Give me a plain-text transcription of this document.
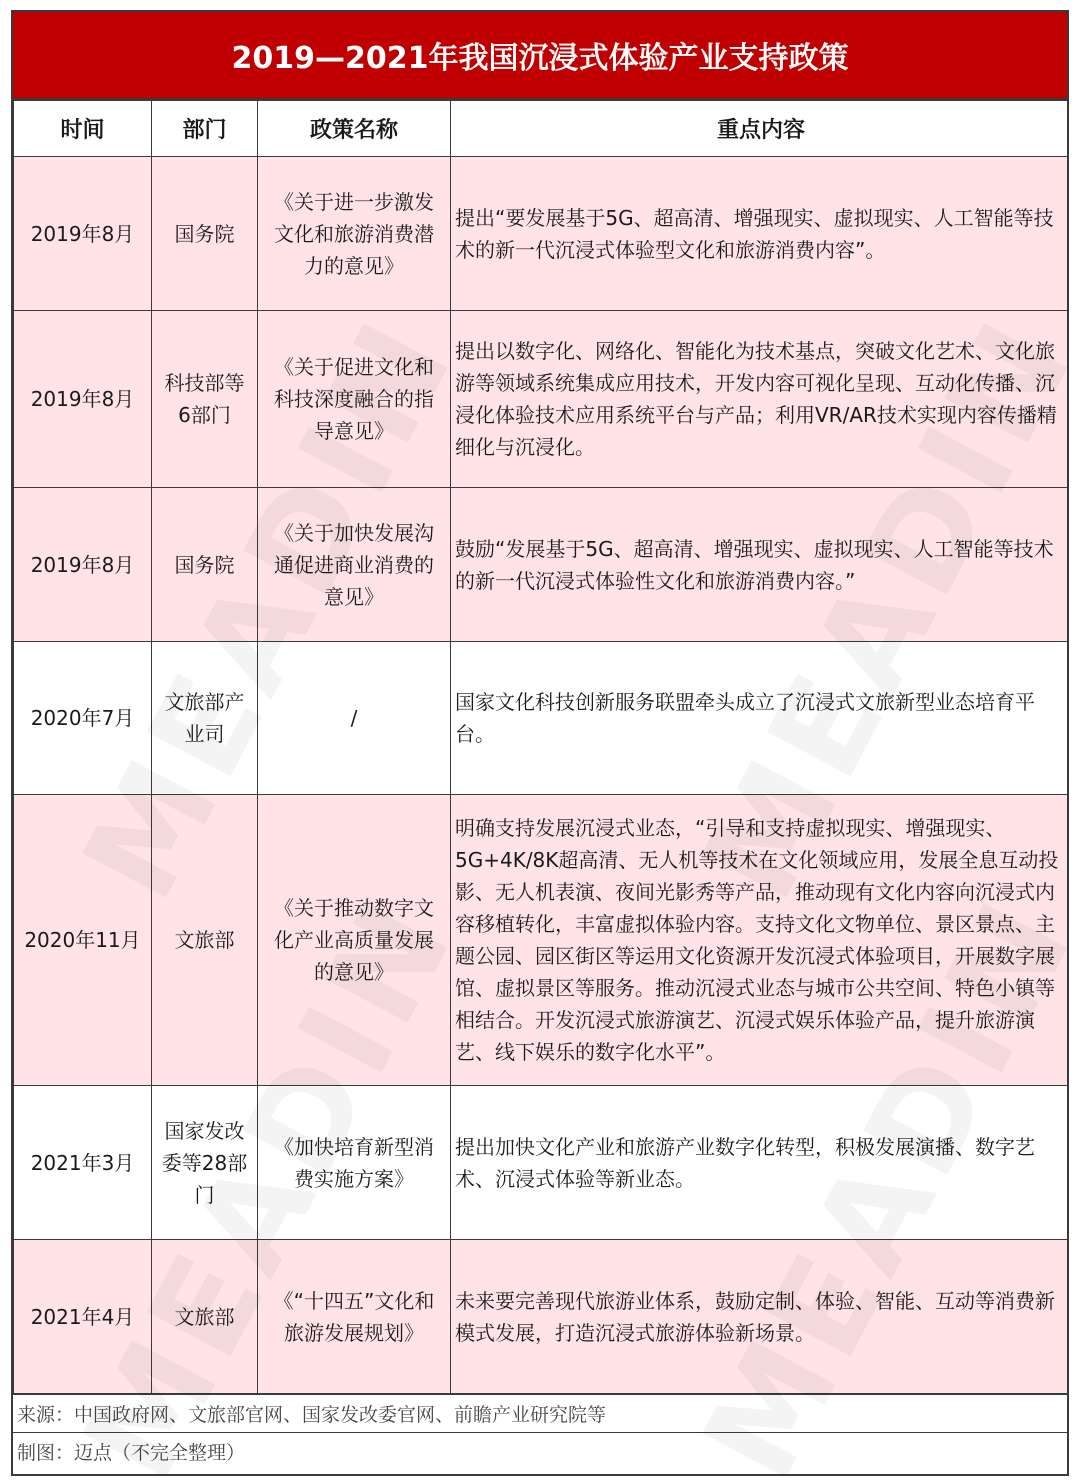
2019—2021年我国沉浸式体验产业支持政策
时间	部门	政策名称	重点内容
2019年8月	国务院	《关于进一步激发文化和旅游消费潜力的意见》	提出“要发展基于5G、超高清、增强现实、虚拟现实、人工智能等技术的新一代沉浸式体验型文化和旅游消费内容”。
2019年8月	科技部等6部门	《关于促进文化和科技深度融合的指导意见》	提出以数字化、网络化、智能化为技术基点，突破文化艺术、文化旅游等领域系统集成应用技术，开发内容可视化呈现、互动化传播、沉浸化体验技术应用系统平台与产品；利用VR/AR技术实现内容传播精细化与沉浸化。
2019年8月	国务院	《关于加快发展沟通促进商业消费的意见》	鼓励“发展基于5G、超高清、增强现实、虚拟现实、人工智能等技术的新一代沉浸式体验性文化和旅游消费内容。”
2020年7月	文旅部产业司	/	国家文化科技创新服务联盟牵头成立了沉浸式文旅新型业态培育平台。
2020年11月	文旅部	《关于推动数字文化产业高质量发展的意见》	明确支持发展沉浸式业态，“引导和支持虚拟现实、增强现实、5G+4K/8K超高清、无人机等技术在文化领域应用，发展全息互动投影、无人机表演、夜间光影秀等产品，推动现有文化内容向沉浸式内容移植转化，丰富虚拟体验内容。支持文化文物单位、景区景点、主题公园、园区街区等运用文化资源开发沉浸式体验项目，开展数字展馆、虚拟景区等服务。推动沉浸式业态与城市公共空间、特色小镇等相结合。开发沉浸式旅游演艺、沉浸式娱乐体验产品，提升旅游演艺、线下娱乐的数字化水平”。
2021年3月	国家发改委等28部门	《加快培育新型消费实施方案》	提出加快文化产业和旅游产业数字化转型，积极发展演播、数字艺术、沉浸式体验等新业态。
2021年4月	文旅部	《“十四五”文化和旅游发展规划》	未来要完善现代旅游业体系，鼓励定制、体验、智能、互动等消费新模式发展，打造沉浸式旅游体验新场景。
来源：中国政府网、文旅部官网、国家发改委官网、前瞻产业研究院等
制图：迈点（不完全整理）
